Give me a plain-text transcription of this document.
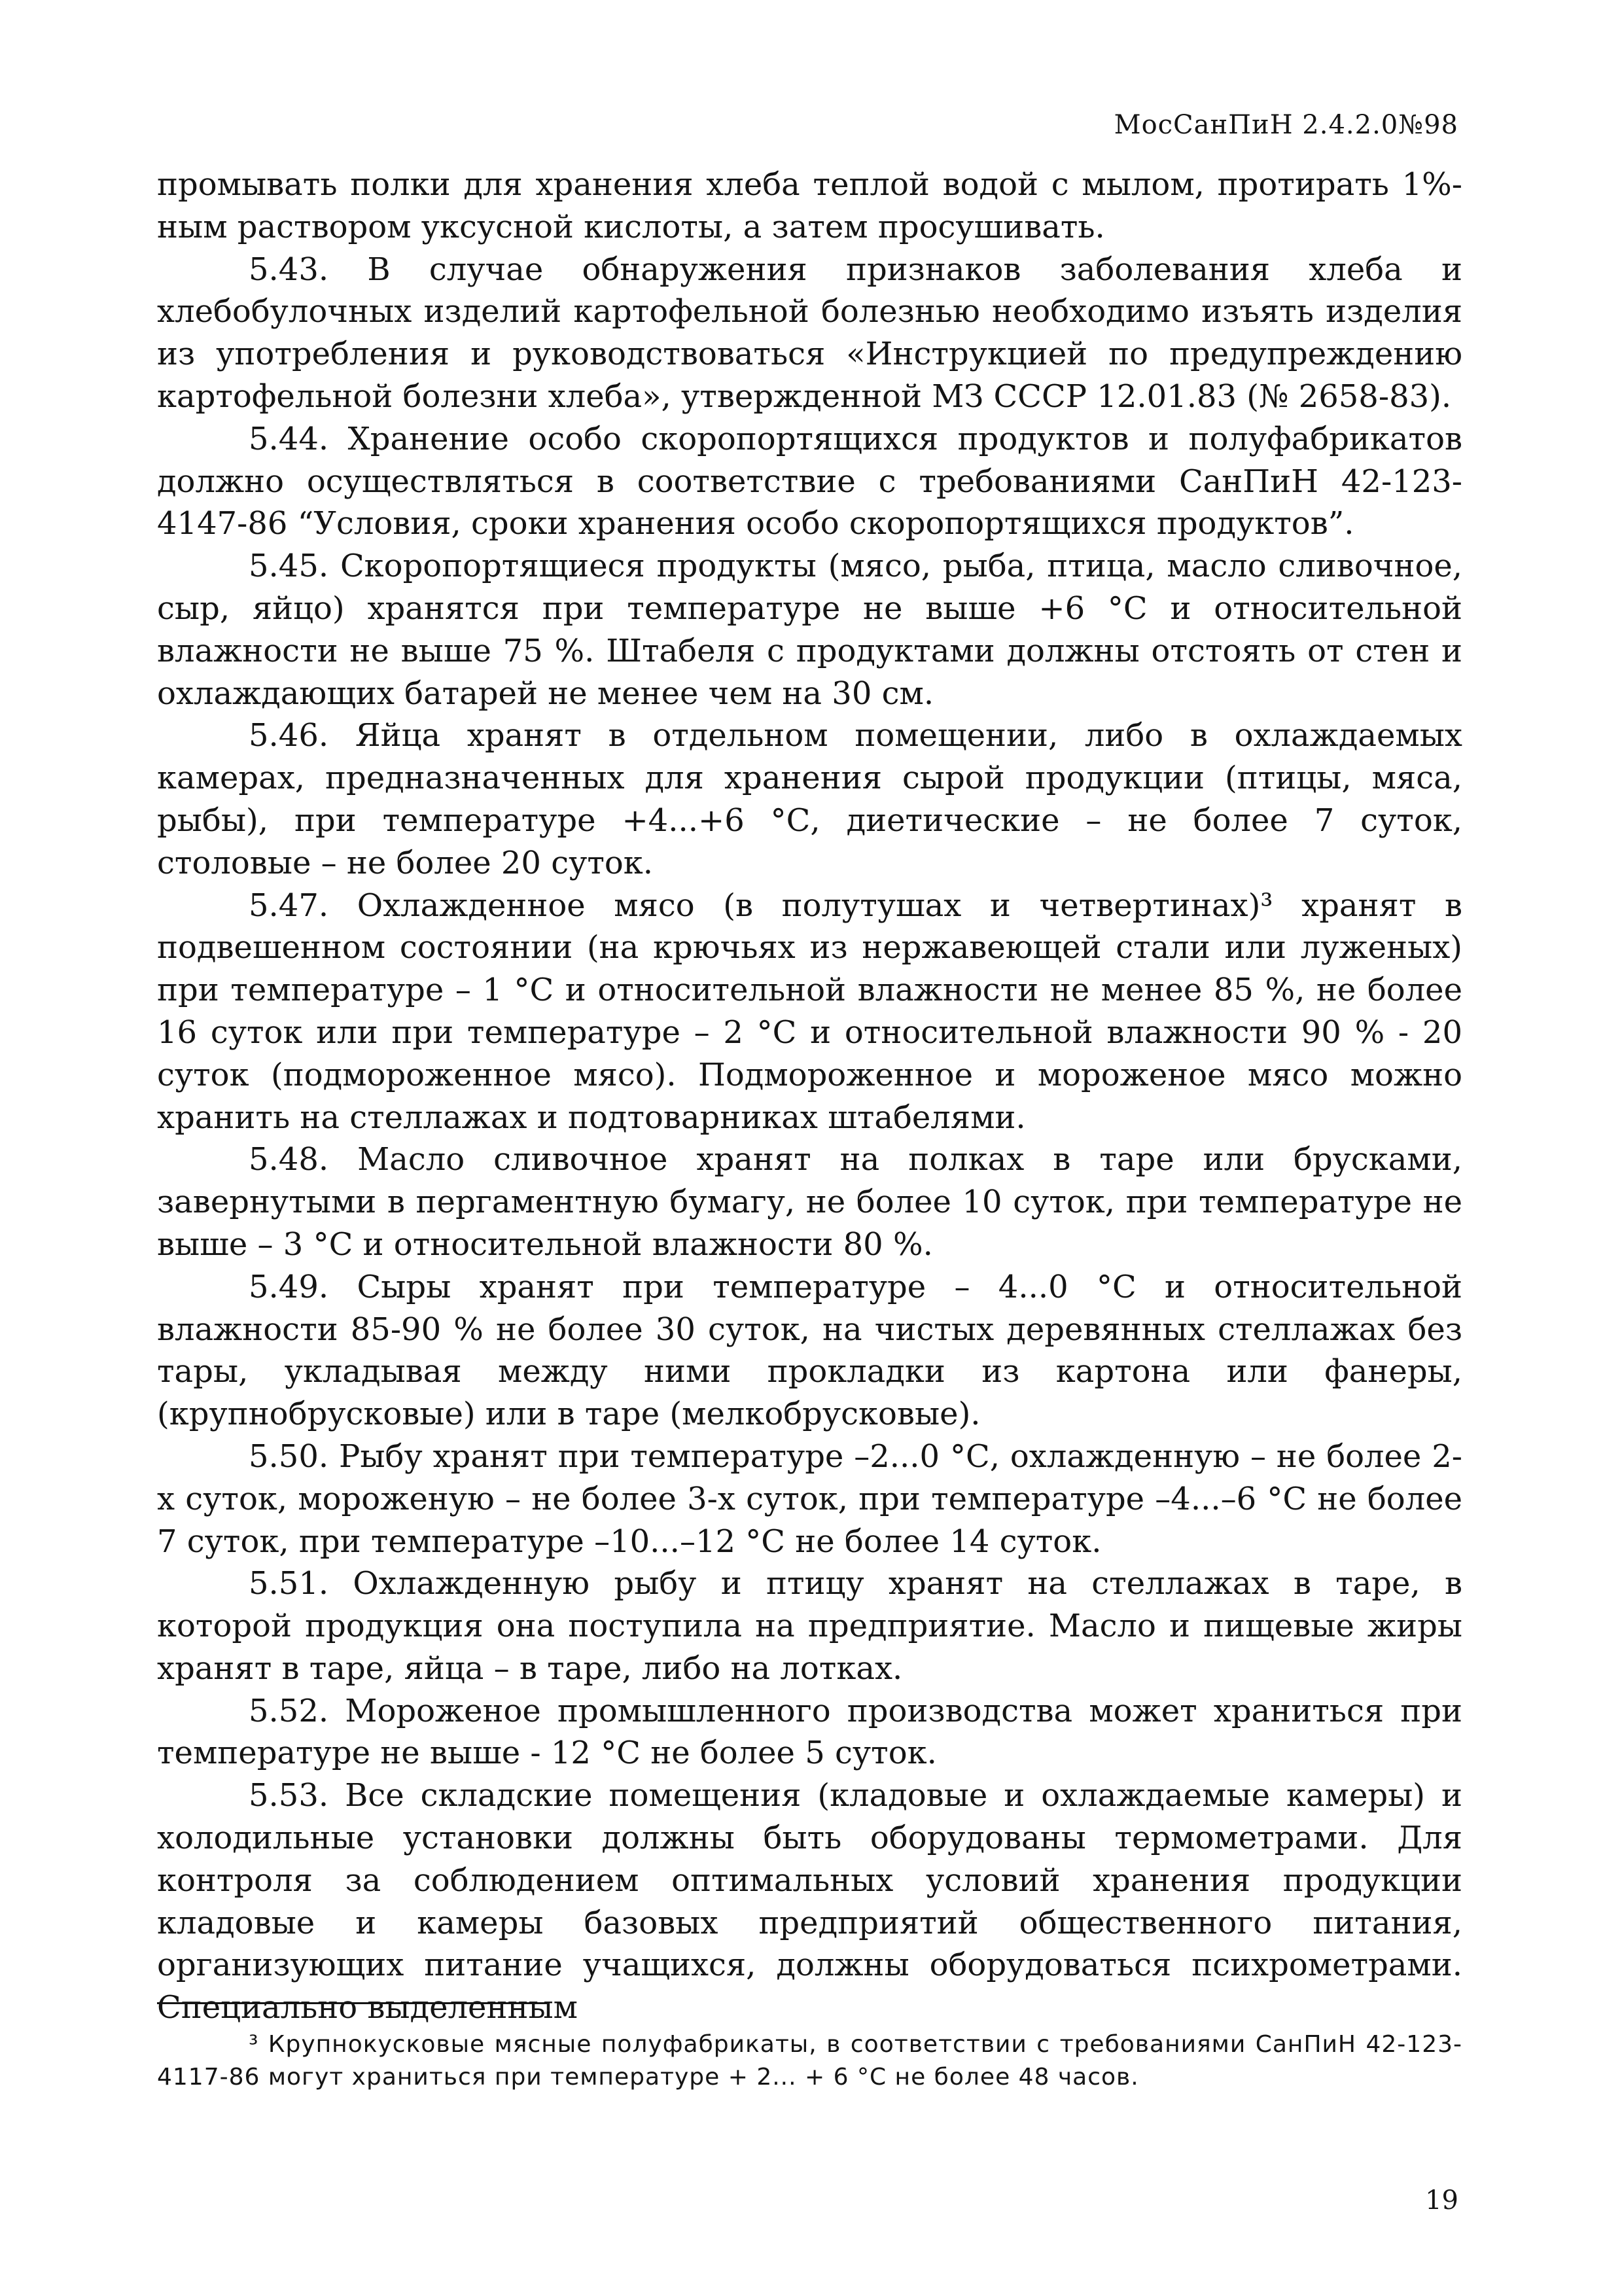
МосСанПиН 2.4.2.0№98

промывать полки для хранения хлеба теплой водой с мылом, протирать 1%-ным раствором уксусной кислоты, а затем просушивать.

5.43. В случае обнаружения признаков заболевания хлеба и хлебобулочных изделий картофельной болезнью необходимо изъять изделия из употребления и руководствоваться «Инструкцией по предупреждению картофельной болезни хлеба», утвержденной МЗ СССР 12.01.83 (№ 2658-83).

5.44. Хранение особо скоропортящихся продуктов и полуфабрикатов должно осуществляться в соответствие с требованиями СанПиН 42-123-4147-86 “Условия, сроки хранения особо скоропортящихся продуктов”.

5.45. Скоропортящиеся продукты (мясо, рыба, птица, масло сливочное, сыр, яйцо) хранятся при температуре не выше +6 °С и относительной влажности не выше 75 %. Штабеля с продуктами должны отстоять от стен и охлаждающих батарей не менее чем на 30 см.

5.46. Яйца хранят в отдельном помещении, либо в охлаждаемых камерах, предназначенных для хранения сырой продукции (птицы, мяса, рыбы), при температуре +4...+6 °С, диетические – не более 7 суток, столовые – не более 20 суток.

5.47. Охлажденное мясо (в полутушах и четвертинах)³ хранят в подвешенном состоянии (на крючьях из нержавеющей стали или луженых) при температуре – 1 °С и относительной влажности не менее 85 %, не более 16 суток или при температуре – 2 °С и относительной влажности 90 % - 20 суток (подмороженное мясо). Подмороженное и мороженое мясо можно хранить на стеллажах и подтоварниках штабелями.

5.48. Масло сливочное хранят на полках в таре или брусками, завернутыми в пергаментную бумагу, не более 10 суток, при температуре не выше – 3 °С и относительной влажности 80 %.

5.49. Сыры хранят при температуре – 4...0 °С и относительной влажности 85-90 % не более 30 суток, на чистых деревянных стеллажах без тары, укладывая между ними прокладки из картона или фанеры, (крупнобрусковые) или в таре (мелкобрусковые).

5.50. Рыбу хранят при температуре –2...0 °С, охлажденную – не более 2-х суток, мороженую – не более 3-х суток, при температуре –4...–6 °С не более 7 суток, при температуре –10...–12 °С не более 14 суток.

5.51. Охлажденную рыбу и птицу хранят на стеллажах в таре, в которой продукция она поступила на предприятие. Масло и пищевые жиры хранят в таре, яйца – в таре, либо на лотках.

5.52. Мороженое промышленного производства может храниться при температуре не выше - 12 °С не более 5 суток.

5.53. Все складские помещения (кладовые и охлаждаемые камеры) и холодильные установки должны быть оборудованы термометрами. Для контроля за соблюдением оптимальных условий хранения продукции кладовые и камеры базовых предприятий общественного питания, организующих питание учащихся, должны оборудоваться психрометрами. Специально выделенным

³ Крупнокусковые мясные полуфабрикаты, в соответствии с требованиями СанПиН 42-123-4117-86 могут храниться при температуре + 2... + 6 °С не более 48 часов.

19
